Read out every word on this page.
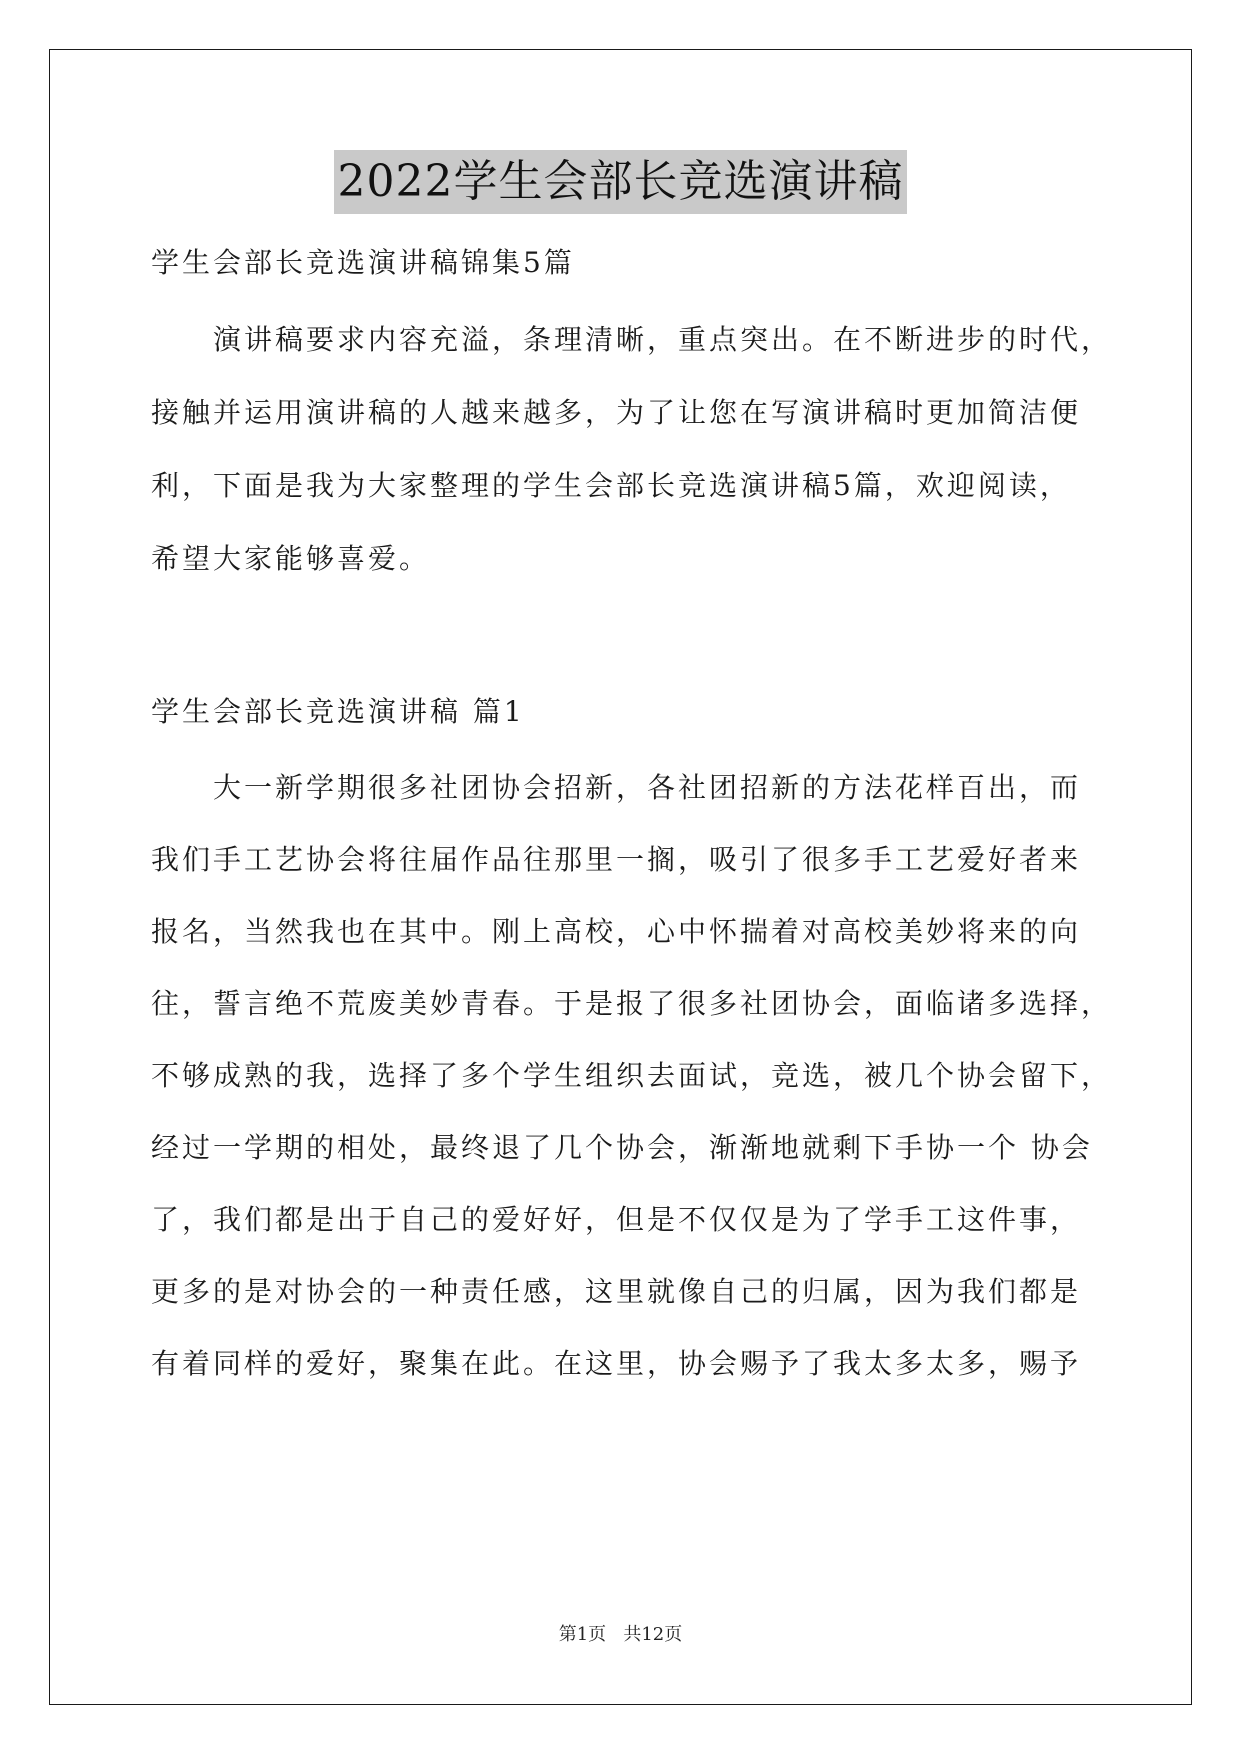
2022学生会部长竞选演讲稿
学生会部长竞选演讲稿锦集5篇
　　演讲稿要求内容充溢，条理清晰，重点突出。在不断进步的时代，
接触并运用演讲稿的人越来越多，为了让您在写演讲稿时更加简洁便
利，下面是我为大家整理的学生会部长竞选演讲稿5篇，欢迎阅读，
希望大家能够喜爱。
学生会部长竞选演讲稿 篇1
　　大一新学期很多社团协会招新，各社团招新的方法花样百出，而
我们手工艺协会将往届作品往那里一搁，吸引了很多手工艺爱好者来
报名，当然我也在其中。刚上高校，心中怀揣着对高校美妙将来的向
往，誓言绝不荒废美妙青春。于是报了很多社团协会，面临诸多选择，
不够成熟的我，选择了多个学生组织去面试，竞选，被几个协会留下，
经过一学期的相处，最终退了几个协会，渐渐地就剩下手协一个 协会
了，我们都是出于自己的爱好好，但是不仅仅是为了学手工这件事，
更多的是对协会的一种责任感，这里就像自己的归属，因为我们都是
有着同样的爱好，聚集在此。在这里，协会赐予了我太多太多，赐予
第1页   共12页
